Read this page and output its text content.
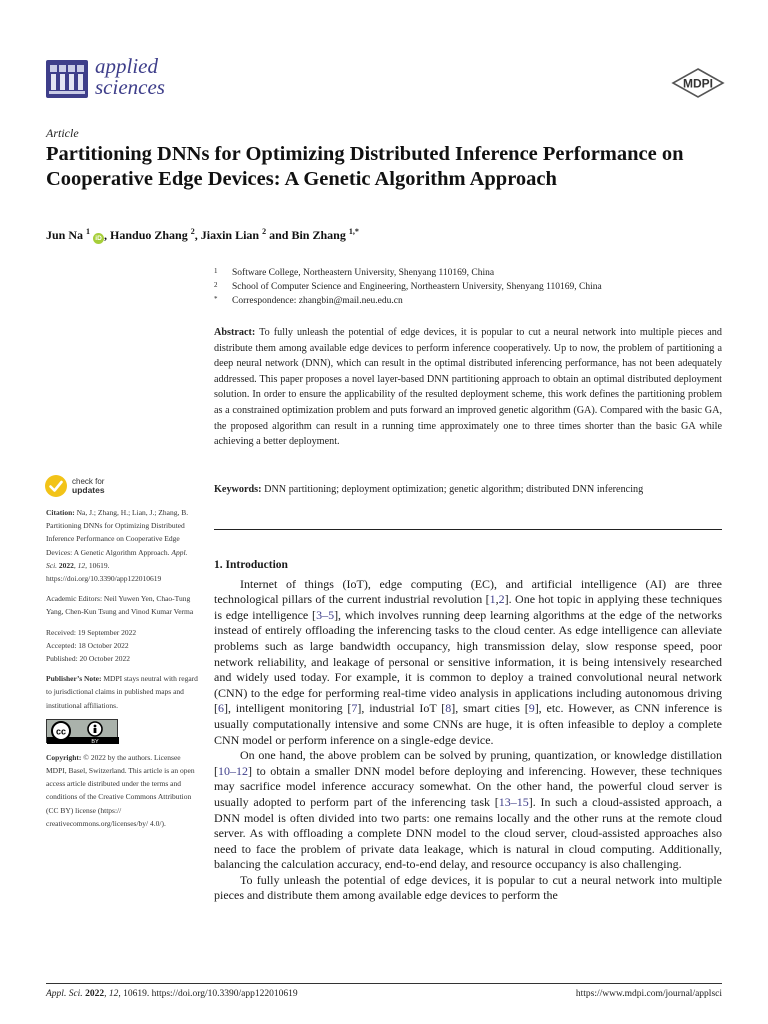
applied
sciences	MDPI
Article
Partitioning DNNs for Optimizing Distributed Inference Performance on Cooperative Edge Devices: A Genetic Algorithm Approach
Jun Na $^1$ iD , Handuo Zhang $^2$, Jiaxin Lian $^2$ and Bin Zhang $^{1,*}$
1	Software College, Northeastern University, Shenyang 110169, China
2	School of Computer Science and Engineering, Northeastern University, Shenyang 110169, China
*	Correspondence: zhangbin@mail.neu.edu.cn
Abstract: To fully unleash the potential of edge devices, it is popular to cut a neural network into multiple pieces and distribute them among available edge devices to perform inference cooperatively. Up to now, the problem of partitioning a deep neural network (DNN), which can result in the optimal distributed inferencing performance, has not been adequately addressed. This paper proposes a novel layer-based DNN partitioning approach to obtain an optimal distributed deployment solution. In order to ensure the applicability of the resulted deployment scheme, this work defines the partitioning problem as a constrained optimization problem and puts forward an improved genetic algorithm (GA). Compared with the basic GA, the proposed algorithm can result in a running time approximately one to three times shorter than the basic GA while achieving a better deployment.
Keywords: DNN partitioning; deployment optimization; genetic algorithm; distributed DNN inferencing
check for
updates
Citation: Na, J.; Zhang, H.; Lian, J.; Zhang, B. Partitioning DNNs for Optimizing Distributed Inference Performance on Cooperative Edge Devices: A Genetic Algorithm Approach. Appl. Sci. 2022, 12, 10619. https://doi.org/10.3390/app122010619
Academic Editors: Neil Yuwen Yen, Chao-Tung Yang, Chen-Kun Tsung and Vinod Kumar Verma
Received: 19 September 2022
Accepted: 18 October 2022
Published: 20 October 2022
Publisher’s Note: MDPI stays neutral with regard to jurisdictional claims in published maps and institutional affiliations.
cc
BY
Copyright: © 2022 by the authors. Licensee MDPI, Basel, Switzerland. This article is an open access article distributed under the terms and conditions of the Creative Commons Attribution (CC BY) license (https:// creativecommons.org/licenses/by/ 4.0/).
1. Introduction

Internet of things (IoT), edge computing (EC), and artificial intelligence (AI) are three technological pillars of the current industrial revolution [1,2]. One hot topic in applying these techniques is edge intelligence [3–5], which involves running deep learning algorithms at the edge of the networks instead of entirely offloading the inferencing tasks to the cloud center. As edge intelligence can alleviate problems such as large bandwidth occupancy, high transmission delay, slow response speed, poor network reliability, and leakage of personal or sensitive information, it is being intensively researched and widely used today. For example, it is common to deploy a trained convolutional neural network (CNN) to the edge for performing real-time video analysis in applications including autonomous driving [6], intelligent monitoring [7], industrial IoT [8], smart cities [9], etc. However, as CNN inference is usually computationally intensive and some CNNs are huge, it is often infeasible to deploy a complete CNN model or perform inference on a single-edge device.

On one hand, the above problem can be solved by pruning, quantization, or knowledge distillation [10–12] to obtain a smaller DNN model before deploying and inferencing. However, these techniques may sacrifice model inference accuracy somewhat. On the other hand, the powerful cloud server is usually adopted to perform part of the inferencing task [13–15]. In such a cloud-assisted approach, a DNN model is often divided into two parts: one remains locally and the other runs at the remote cloud server. As with offloading a complete DNN model to the cloud server, cloud-assisted approaches also need to face the problem of private data leakage, which is natural in cloud computing. Additionally, balancing the calculation accuracy, end-to-end delay, and resource occupancy is also challenging.

To fully unleash the potential of edge devices, it is popular to cut a neural network into multiple pieces and distribute them among available edge devices to perform the

Appl. Sci. 2022, 12, 10619. https://doi.org/10.3390/app122010619	https://www.mdpi.com/journal/applsci
